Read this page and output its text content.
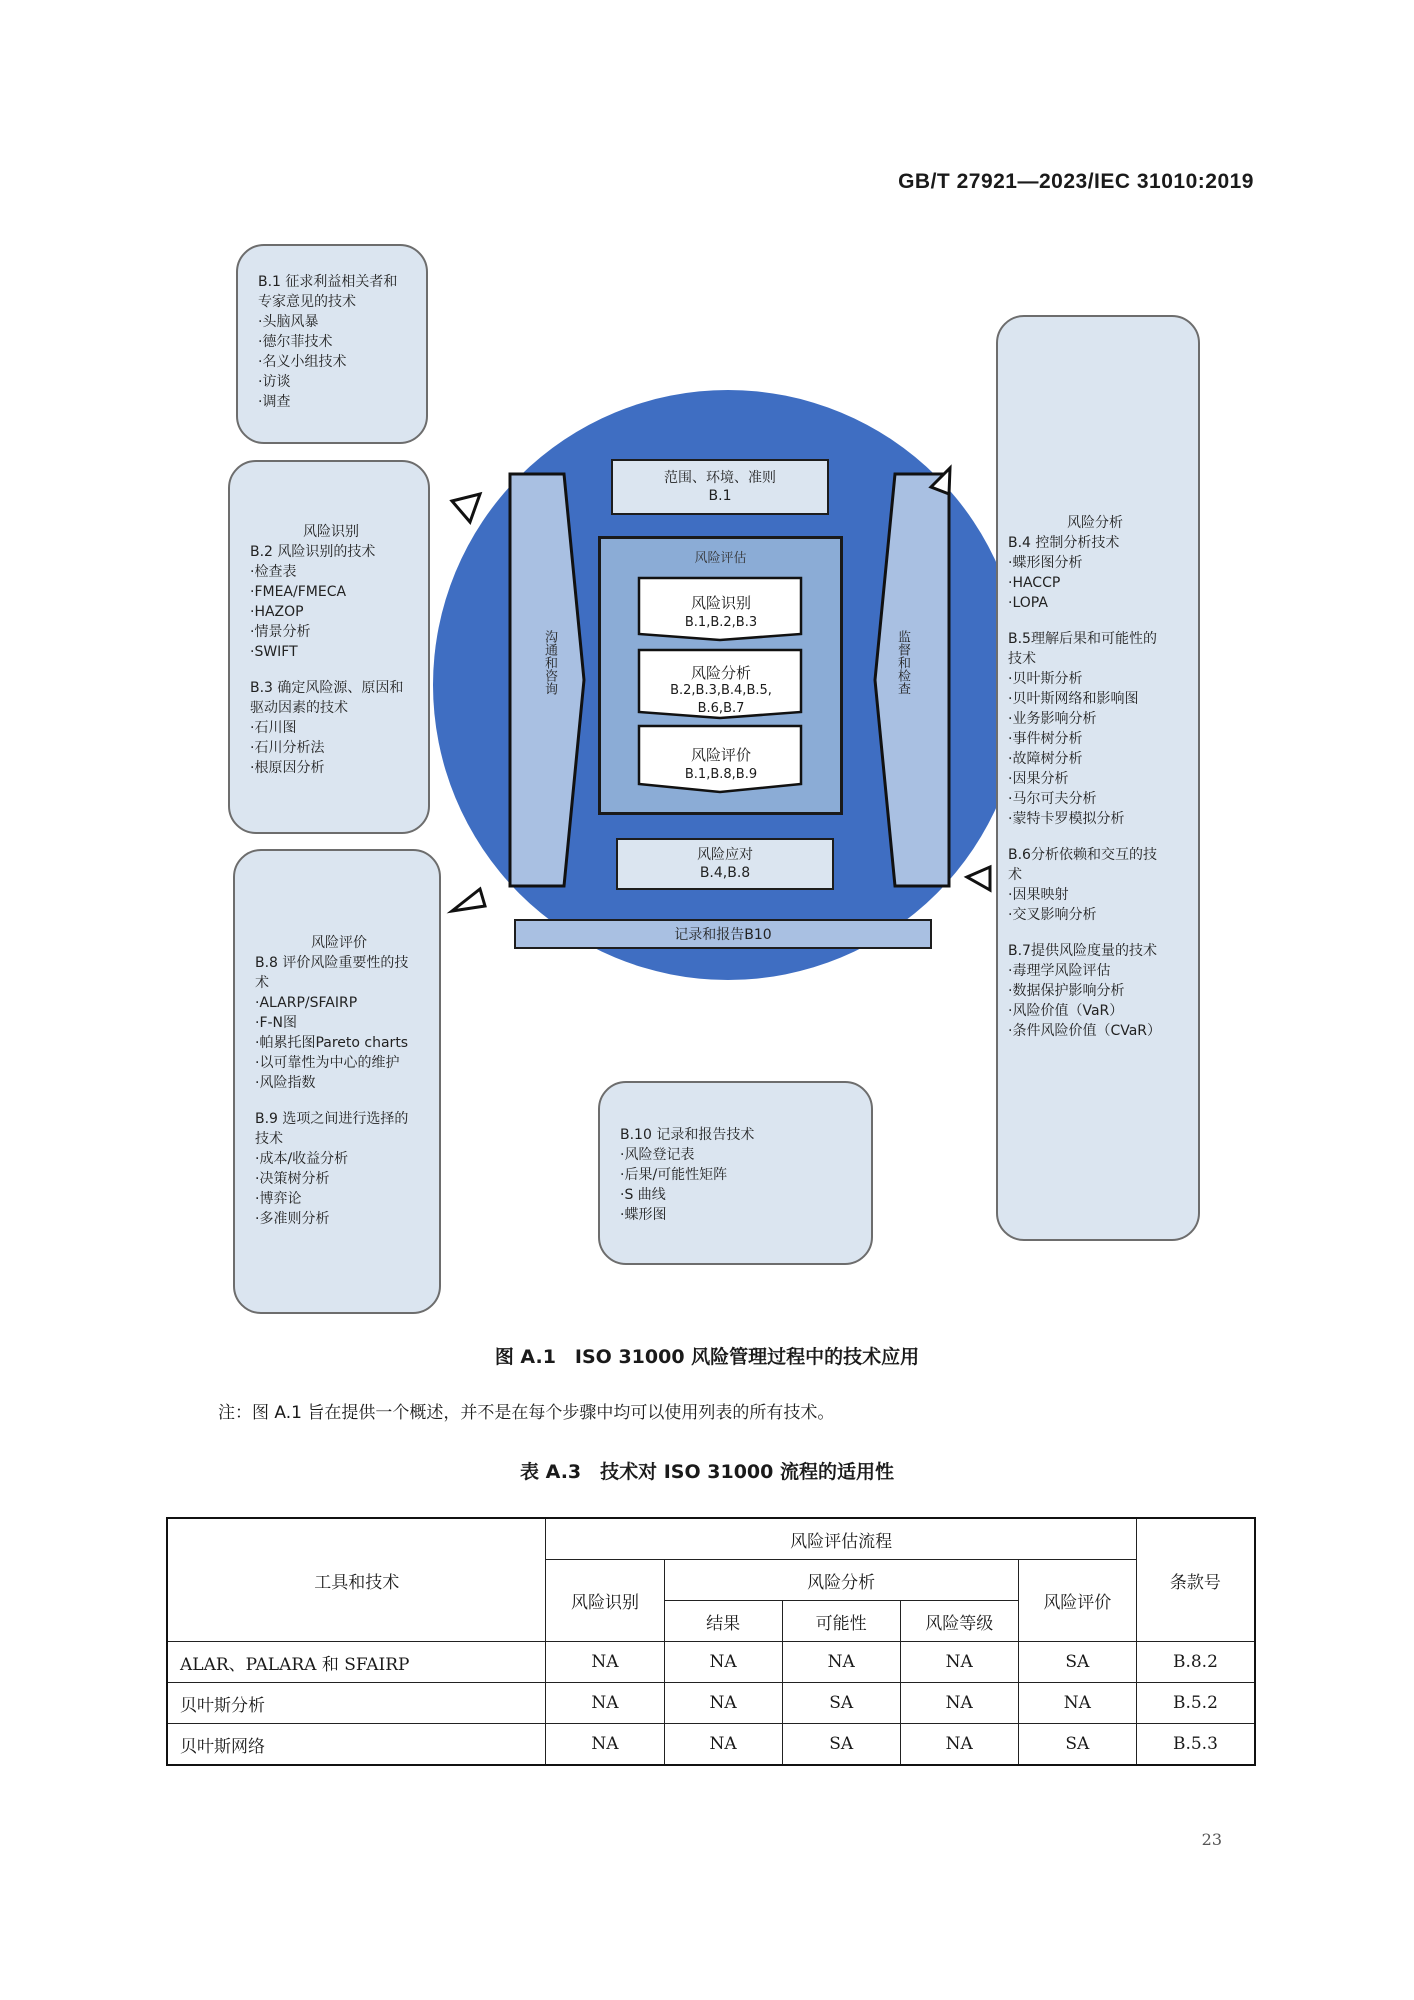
GB/T 27921—2023/IEC 31010:2019
沟通和咨询	监督和检查
范围、环境、准则
B.1
风险评估
风险识别
B.1,B.2,B.3
风险分析
B.2,B.3,B.4,B.5,
B.6,B.7
风险评价
B.1,B.8,B.9
风险应对
B.4,B.8
记录和报告B10
B.1 征求利益相关者和
专家意见的技术
·头脑风暴
·德尔菲技术
·名义小组技术
·访谈
·调查
风险识别
B.2 风险识别的技术
·检查表
·FMEA/FMECA
·HAZOP
·情景分析
·SWIFT
B.3 确定风险源、原因和
驱动因素的技术
·石川图
·石川分析法
·根原因分析
风险评价
B.8 评价风险重要性的技
术
·ALARP/SFAIRP
·F-N图
·帕累托图Pareto charts
·以可靠性为中心的维护
·风险指数
B.9 选项之间进行选择的
技术
·成本/收益分析
·决策树分析
·博弈论
·多准则分析
B.10 记录和报告技术
·风险登记表
·后果/可能性矩阵
·S 曲线
·蝶形图
风险分析
B.4 控制分析技术
·蝶形图分析
·HACCP
·LOPA
B.5理解后果和可能性的
技术
·贝叶斯分析
·贝叶斯网络和影响图
·业务影响分析
·事件树分析
·故障树分析
·因果分析
·马尔可夫分析
·蒙特卡罗模拟分析
B.6分析依赖和交互的技
术
·因果映射
·交叉影响分析
B.7提供风险度量的技术
·毒理学风险评估
·数据保护影响分析
·风险价值（VaR）
·条件风险价值（CVaR）
图 A.1　ISO 31000 风险管理过程中的技术应用
注：图 A.1 旨在提供一个概述，并不是在每个步骤中均可以使用列表的所有技术。
表 A.3　技术对 ISO 31000 流程的适用性
工具和技术	风险评估流程					条款号
	风险识别	风险分析			风险评价	
		结果	可能性	风险等级		
ALAR、PALARA 和 SFAIRP	NA	NA	NA	NA	SA	B.8.2
贝叶斯分析	NA	NA	SA	NA	NA	B.5.2
贝叶斯网络	NA	NA	SA	NA	SA	B.5.3
23
